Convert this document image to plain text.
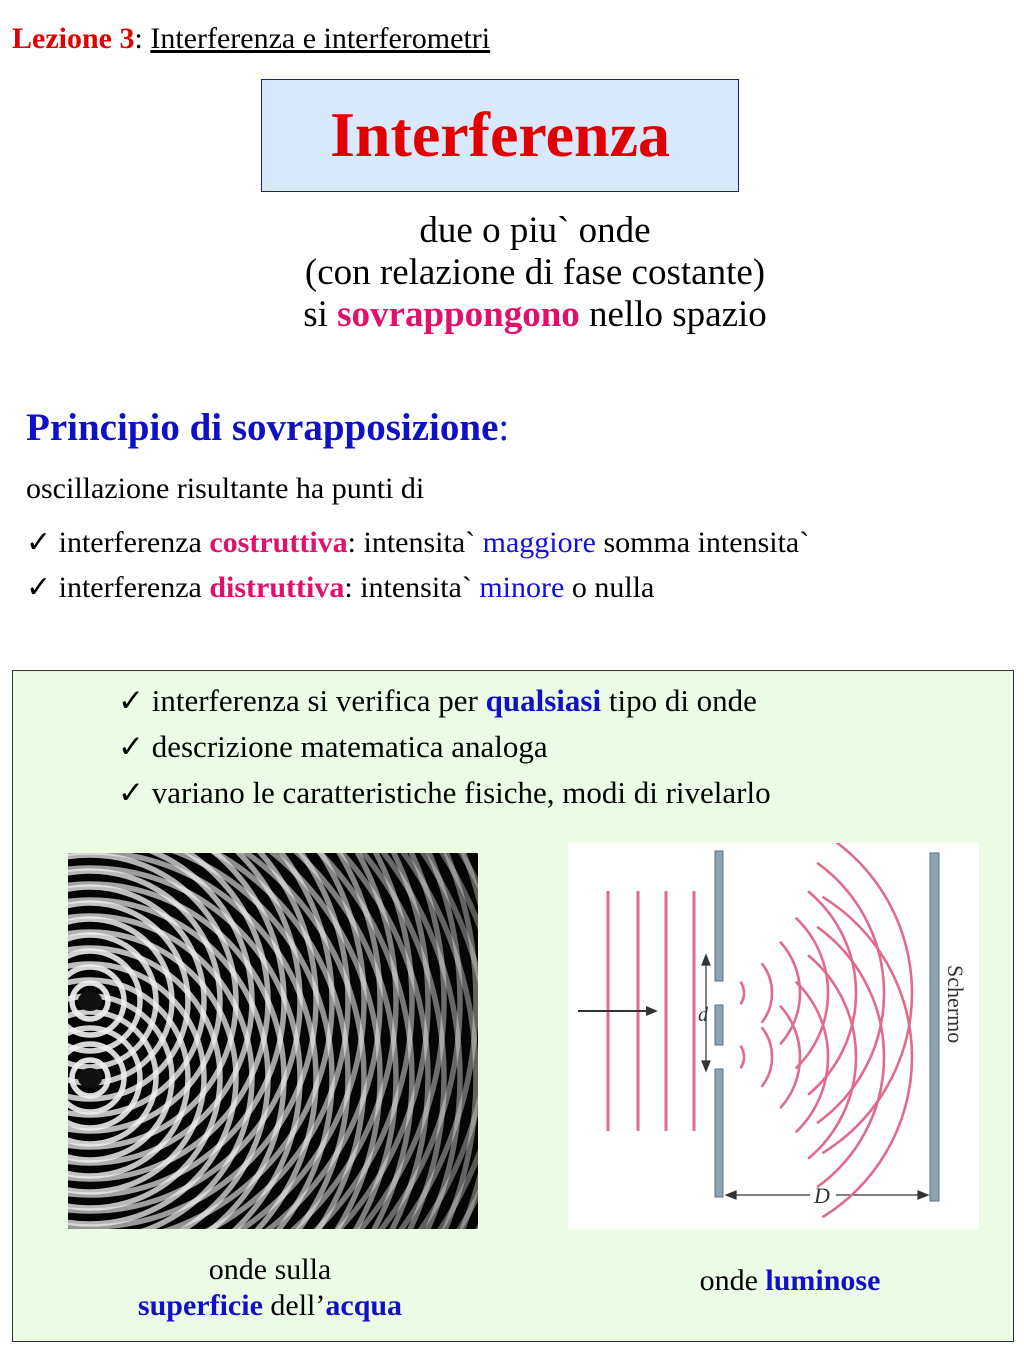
Lezione 3: Interferenza e interferometri
Interferenza
due o piu` onde
(con relazione di fase costante)
si sovrappongono nello spazio
Principio di sovrapposizione:
oscillazione risultante ha punti di
✓ interferenza costruttiva: intensita` maggiore somma intensita`
✓ interferenza distruttiva: intensita` minore o nulla
✓ interferenza si verifica per qualsiasi tipo di onde
✓ descrizione matematica analoga
✓ variano le caratteristiche fisiche, modi di rivelarlo
d	Schermo
D
onde sulla
superficie dell’acqua
onde luminose
